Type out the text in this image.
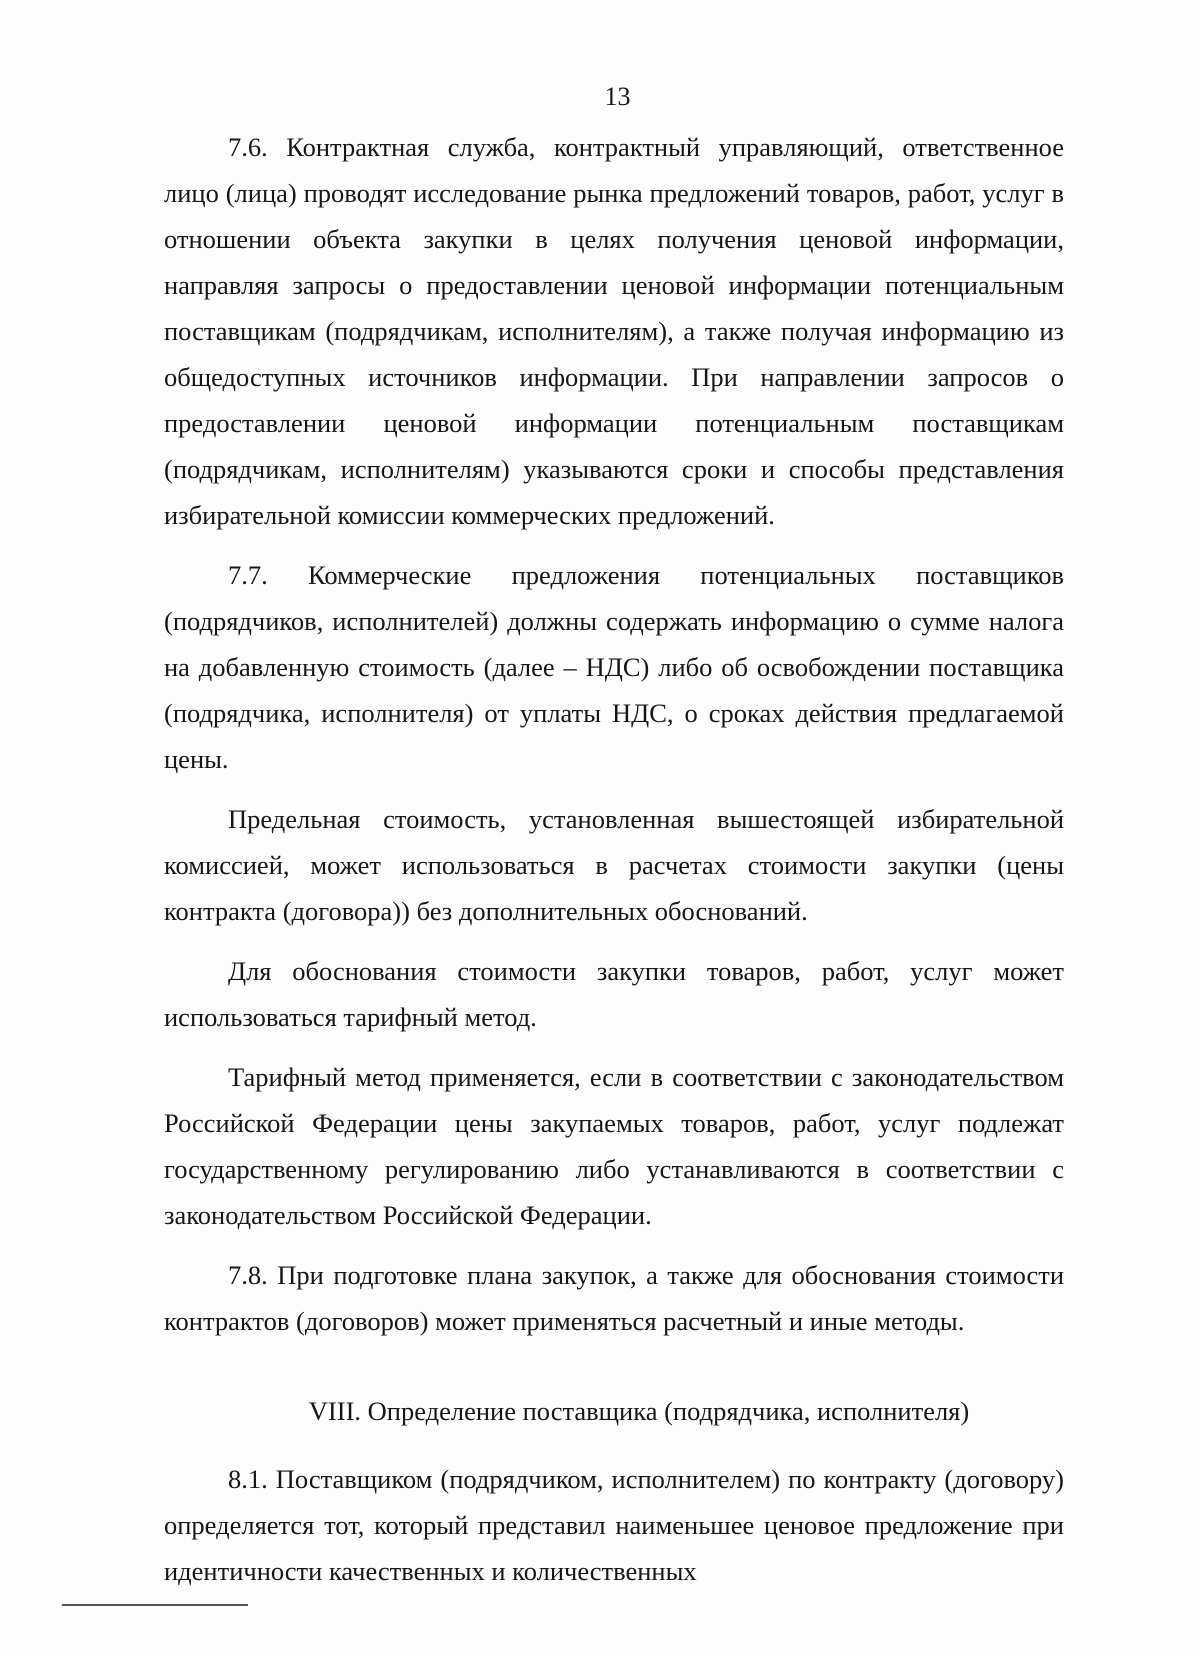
13

7.6. Контрактная служба, контрактный управляющий, ответственное лицо (лица) проводят исследование рынка предложений товаров, работ, услуг в отношении объекта закупки в целях получения ценовой информации, направляя запросы о предоставлении ценовой информации потенциальным поставщикам (подрядчикам, исполнителям), а также получая информацию из общедоступных источников информации. При направлении запросов о предоставлении ценовой информации потенциальным поставщикам (подрядчикам, исполнителям) указываются сроки и способы представления избирательной комиссии коммерческих предложений.

7.7. Коммерческие предложения потенциальных поставщиков (подрядчиков, исполнителей) должны содержать информацию о сумме налога на добавленную стоимость (далее – НДС) либо об освобождении поставщика (подрядчика, исполнителя) от уплаты НДС, о сроках действия предлагаемой цены.

Предельная стоимость, установленная вышестоящей избирательной комиссией, может использоваться в расчетах стоимости закупки (цены контракта (договора)) без дополнительных обоснований.

Для обоснования стоимости закупки товаров, работ, услуг может использоваться тарифный метод.

Тарифный метод применяется, если в соответствии с законодательством Российской Федерации цены закупаемых товаров, работ, услуг подлежат государственному регулированию либо устанавливаются в соответствии с законодательством Российской Федерации.

7.8. При подготовке плана закупок, а также для обоснования стоимости контрактов (договоров) может применяться расчетный и иные методы.

VIII. Определение поставщика (подрядчика, исполнителя)

8.1. Поставщиком (подрядчиком, исполнителем) по контракту (договору) определяется тот, который представил наименьшее ценовое предложение при идентичности качественных и количественных
